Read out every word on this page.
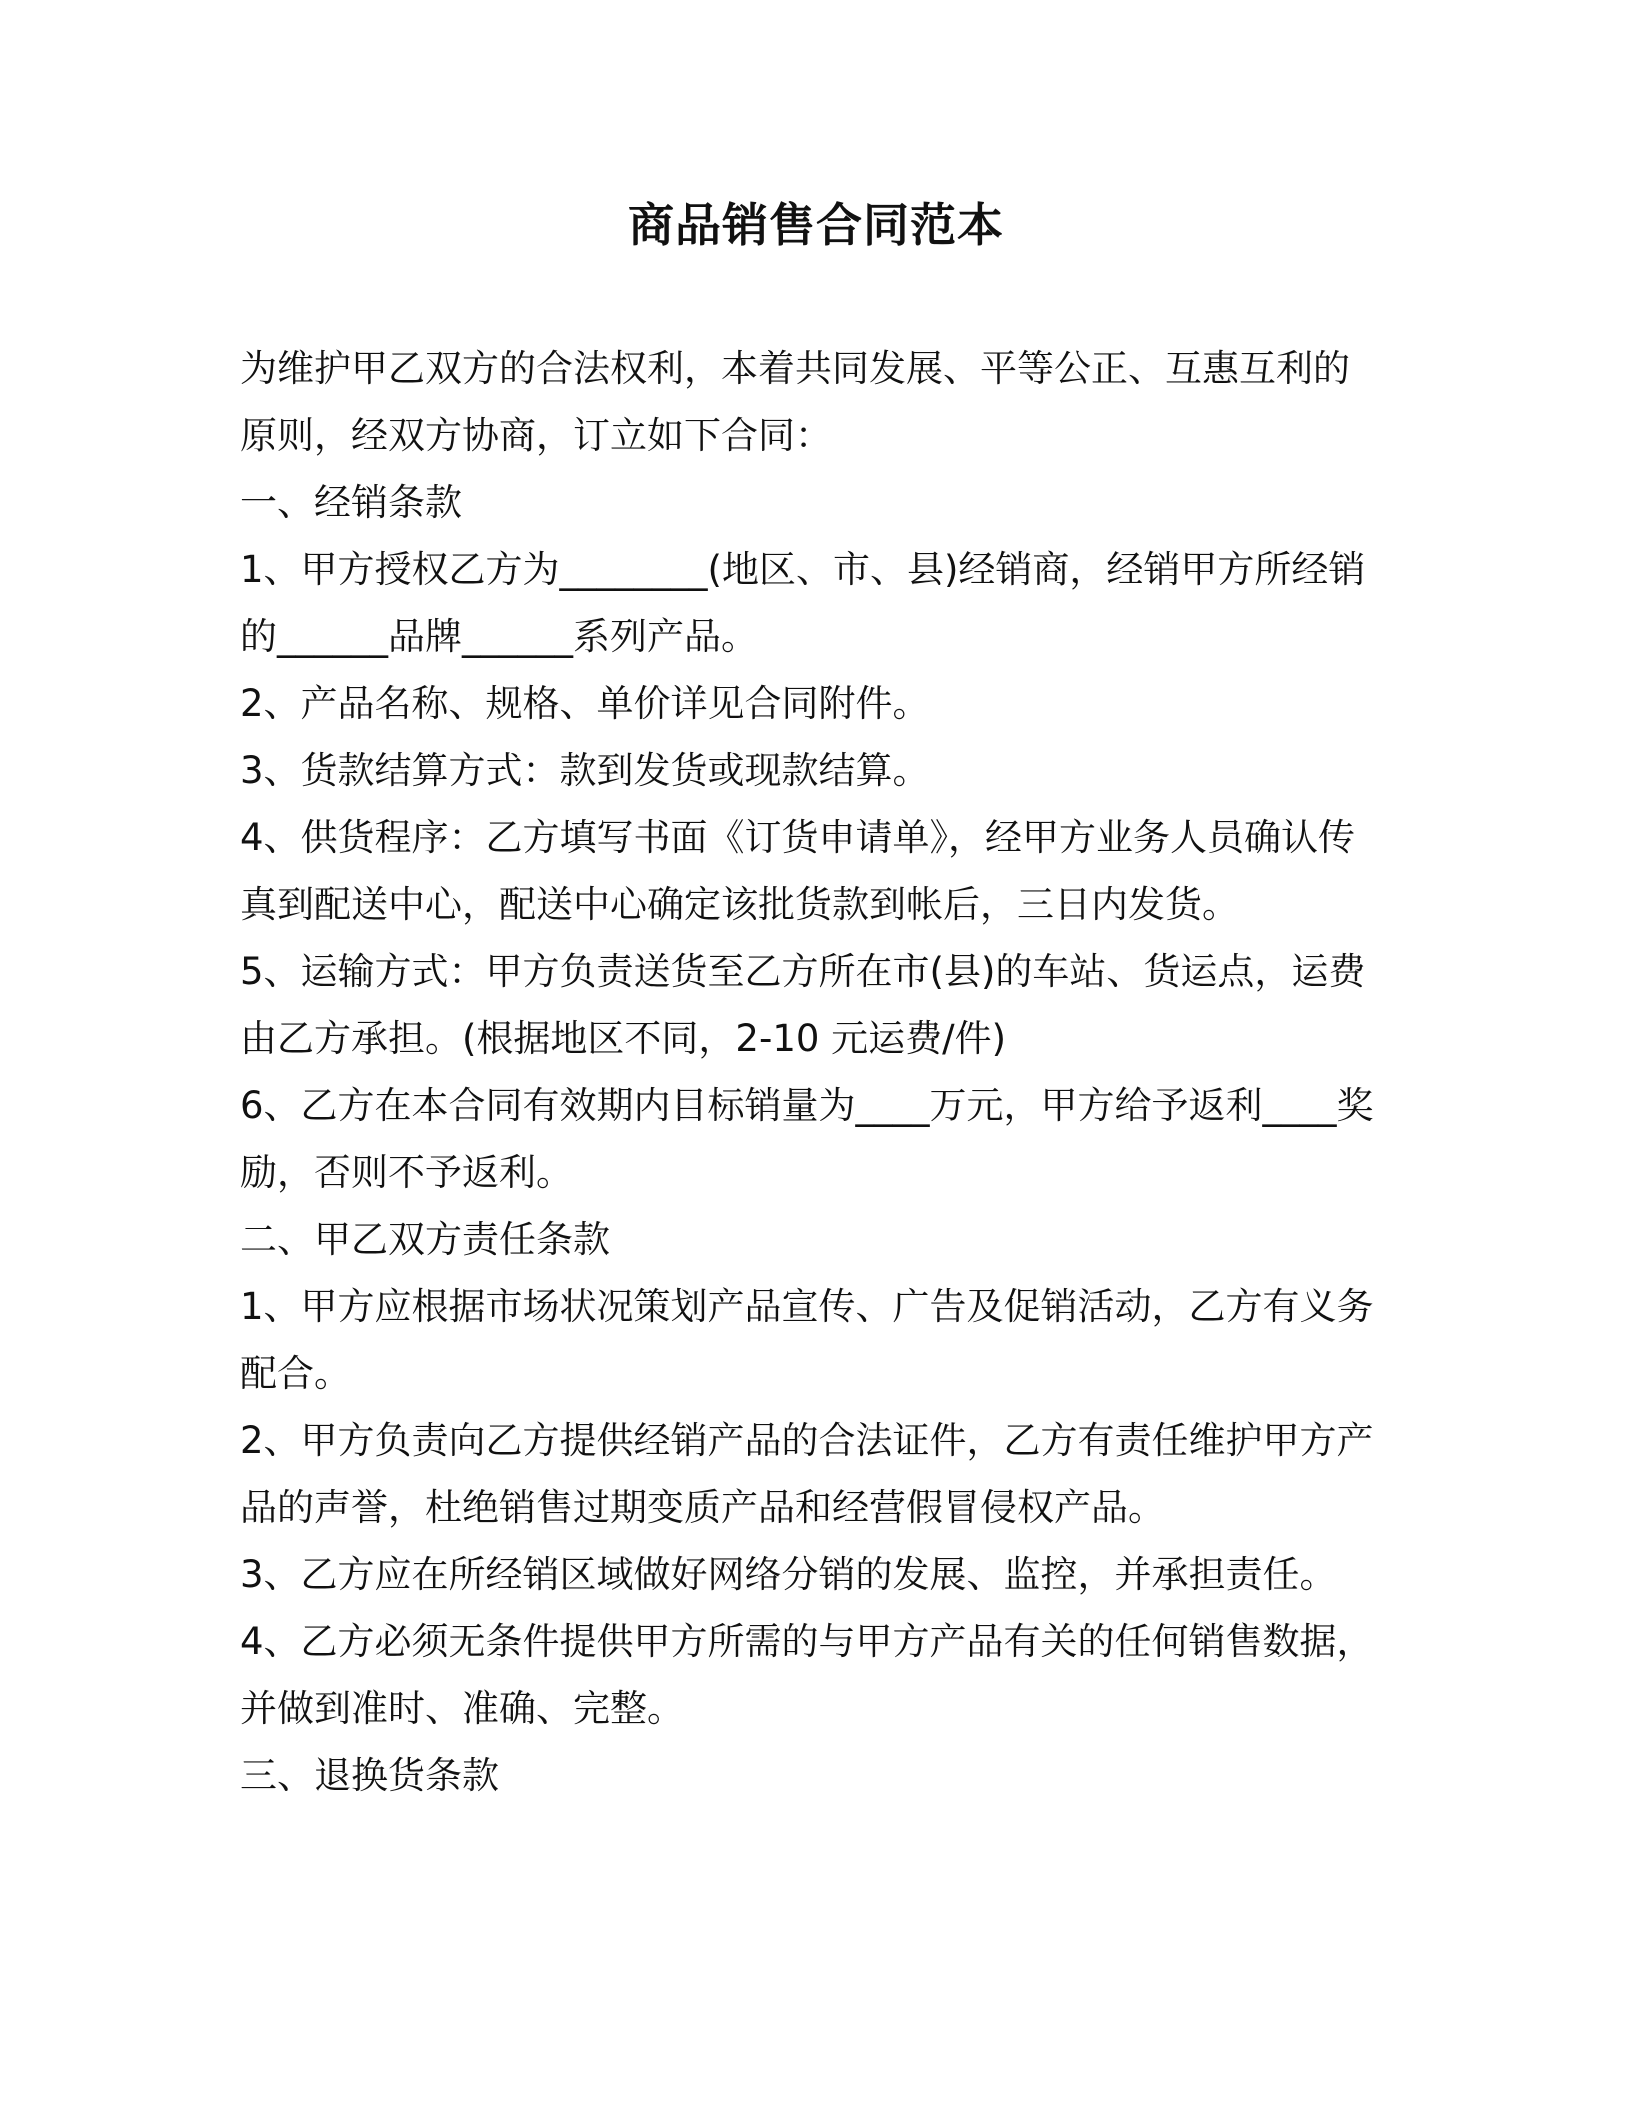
商品销售合同范本

为维护甲乙双方的合法权利，本着共同发展、平等公正、互惠互利的原则，经双方协商，订立如下合同：

一、经销条款

1、甲方授权乙方为________(地区、市、县)经销商，经销甲方所经销的______品牌______系列产品。

2、产品名称、规格、单价详见合同附件。

3、货款结算方式：款到发货或现款结算。

4、供货程序：乙方填写书面《订货申请单》，经甲方业务人员确认传真到配送中心，配送中心确定该批货款到帐后，三日内发货。

5、运输方式：甲方负责送货至乙方所在市(县)的车站、货运点，运费由乙方承担。(根据地区不同，2-10 元运费/件)

6、乙方在本合同有效期内目标销量为____万元，甲方给予返利____奖励，否则不予返利。

二、甲乙双方责任条款

1、甲方应根据市场状况策划产品宣传、广告及促销活动，乙方有义务配合。

2、甲方负责向乙方提供经销产品的合法证件，乙方有责任维护甲方产品的声誉，杜绝销售过期变质产品和经营假冒侵权产品。

3、乙方应在所经销区域做好网络分销的发展、监控，并承担责任。

4、乙方必须无条件提供甲方所需的与甲方产品有关的任何销售数据，并做到准时、准确、完整。

三、退换货条款
